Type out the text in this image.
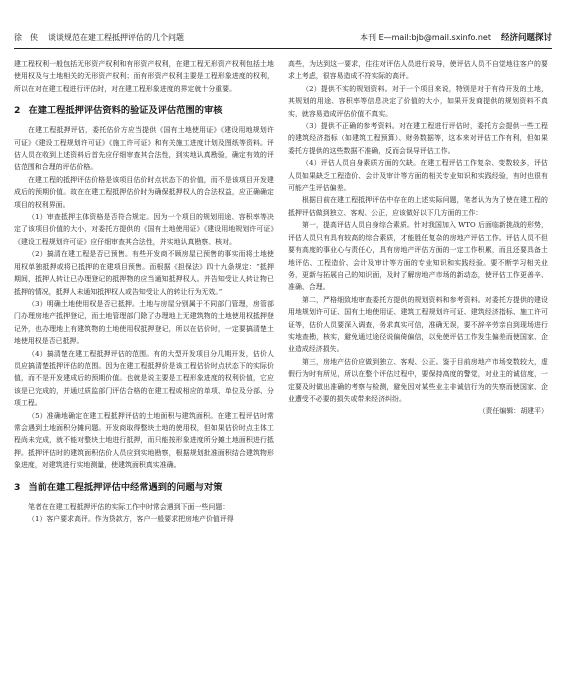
徐　侠 谈谈规范在建工程抵押评估的几个问题	本刊 E—mail:bjb@mail.sxinfo.net 经济问题探讨

建工程权利一般包括无形资产权利和有形资产权利，在建工程无形资产权利包括土地使用权及与土地相关的无形资产权利；而有形资产权利主要是工程形象进度的权利，所以在对在建工程进行评估时，对在建工程形象进度的界定就十分重要。

2 在建工程抵押评估资料的验证及评估范围的审核

在建工程抵押评估，委托估价方应当提供《国有土地使用证》《建设用地规划许可证》《建设工程规划许可证》《施工许可证》和有关施工进度计划及图纸等资料。评估人员在收到上述资料后首先应仔细审查其合法性，到实地认真勘验，确定有效的评估范围和合理的评估价格。

在建工程的抵押评估价格是该项目估价时点状态下的价值，而不是该项目开发建成后的预期价值。故在在建工程抵押估价时为确保抵押权人的合法权益，应正确确定项目的权利界面。

（1）审查抵押主体资格是否符合规定。因为一个项目的规划用途、容积率等决定了该项目价值的大小，对委托方提供的《国有土地使用证》《建设用地规划许可证》《建设工程规划许可证》应仔细审查其合法性，并实地认真勘察、核对。

（2）搞清在建工程是否已预售。有些开发商不顾房屋已预售的事实而将土地使用权单独抵押或将已抵押的在建项目预售。而根据《担保法》四十九条规定：“抵押期间，抵押人转让已办理登记的抵押物的应当通知抵押权人。并告知受让人转让物已抵押的情况，抵押人未通知抵押权人或告知受让人的转让行为无效。”

（3）明确土地使用权是否已抵押。土地与房屋分别属于不同部门管理，房管部门办理房地产抵押登记，而土地管理部门除了办理地上无建筑物的土地使用权抵押登记外，也办理地上有建筑物的土地使用权抵押登记，所以在估价时，一定要搞清楚土地使用权是否已抵押。

（4）搞清楚在建工程抵押评估的范围。有的大型开发项目分几期开发，估价人员应搞清楚抵押评估的范围。因为在建工程抵押价是该工程估价时点状态下的实际价值，而不是开发建成后的预期价值。也就是说主要是工程形象进度的权利价值，它应该是已完成的，并通过质监部门评估合格的在建工程或相应的单项、单位及分部、分项工程。

（5）准确地确定在建工程抵押评估的土地面积与建筑面积。在建工程评估时常常会遇到土地面积分摊问题。开发商取得整块土地的使用权，但如果估价时点主体工程尚未完成，就不能对整块土地进行抵押，而只能按形象进度所分摊土地面积进行抵押。抵押评估时的建筑面积估价人员应到实地勘察，根据规划批准面积结合建筑物形象进度，对建筑进行实地测量，使建筑面积真实准确。

3 当前在建工程抵押评估中经常遇到的问题与对策

笔者在在建工程抵押评估的实际工作中时常会遇到下面一些问题：

（1）客户要求高评。作为贷款方，客户一般要求把房地产价值评得

高些，为达到这一要求，往往对评估人员进行说导，使评估人员不自觉地往客户的要求上考虑，很容易造成不符实际的高评。

（2）提供不实的规划资料。对于一个项目来说，特别是对于有待开发的土地，其规划的用途、容积率等信息决定了价值的大小，如果开发商提供的规划资料不真实，就容易造成评估价值不真实。

（3）提供不正确的参考资料。对在建工程进行评估时，委托方会提供一些工程的建筑经济指标（如建筑工程预算）、财务数据等，这本来对评估工作有利，但如果委托方提供的这些数据不准确，反而会误导评估工作。

（4）评估人员自身素质方面的欠缺。在建工程评估工作复杂、变数较多，评估人员如果缺乏工程造价、会计及审计等方面的相关专业知识和实践经验，有时也很有可能产生评估偏差。

根据目前在建工程抵押评估中存在的上述实际问题，笔者认为为了使在建工程的抵押评估做到独立、客观、公正，应该做好以下几方面的工作：

第一，提高评估人员自身综合素质。针对我国加入 WTO 后面临新挑战的形势，评估人员只有具有较高的综合素质，才能胜任复杂的房地产评估工作。评估人员不但要有高度的事业心与责任心，具有房地产评估方面的一定工作积累，而且还要具备土地评估、工程造价、会计及审计等方面的专业知识和实践经验。要不断学习相关业务，更新与拓展自己的知识面，及时了解房地产市场的新动态，使评估工作更善辛、准确、合理。

第二，严格细致地审查委托方提供的规划资料和参考资料。对委托方提供的建设用地规划许可证、国有土地使用证、建筑工程规划许可证、建筑经济指标、施工许可证等，估价人员要深入调查，务求真实可信，准确无误，要不辞辛劳亲自到现场进行实地查勘，核实，避免通过途径说偏倚偏信，以免使评估工作发生偏差而使国家、企业造成经济损失。

第三，房地产估价应做到独立、客观、公正。鉴于目前房地产市场变数较大，虚假行为时有所见，所以在整个评估过程中，要保持高度的警觉，对业主的诚信度，一定要及时做出准确的考察与检测，避免因对某些业主非诚信行为的失察而使国家、企业遭受不必要的损失或带来经济纠纷。

（责任编辑：胡建平）
